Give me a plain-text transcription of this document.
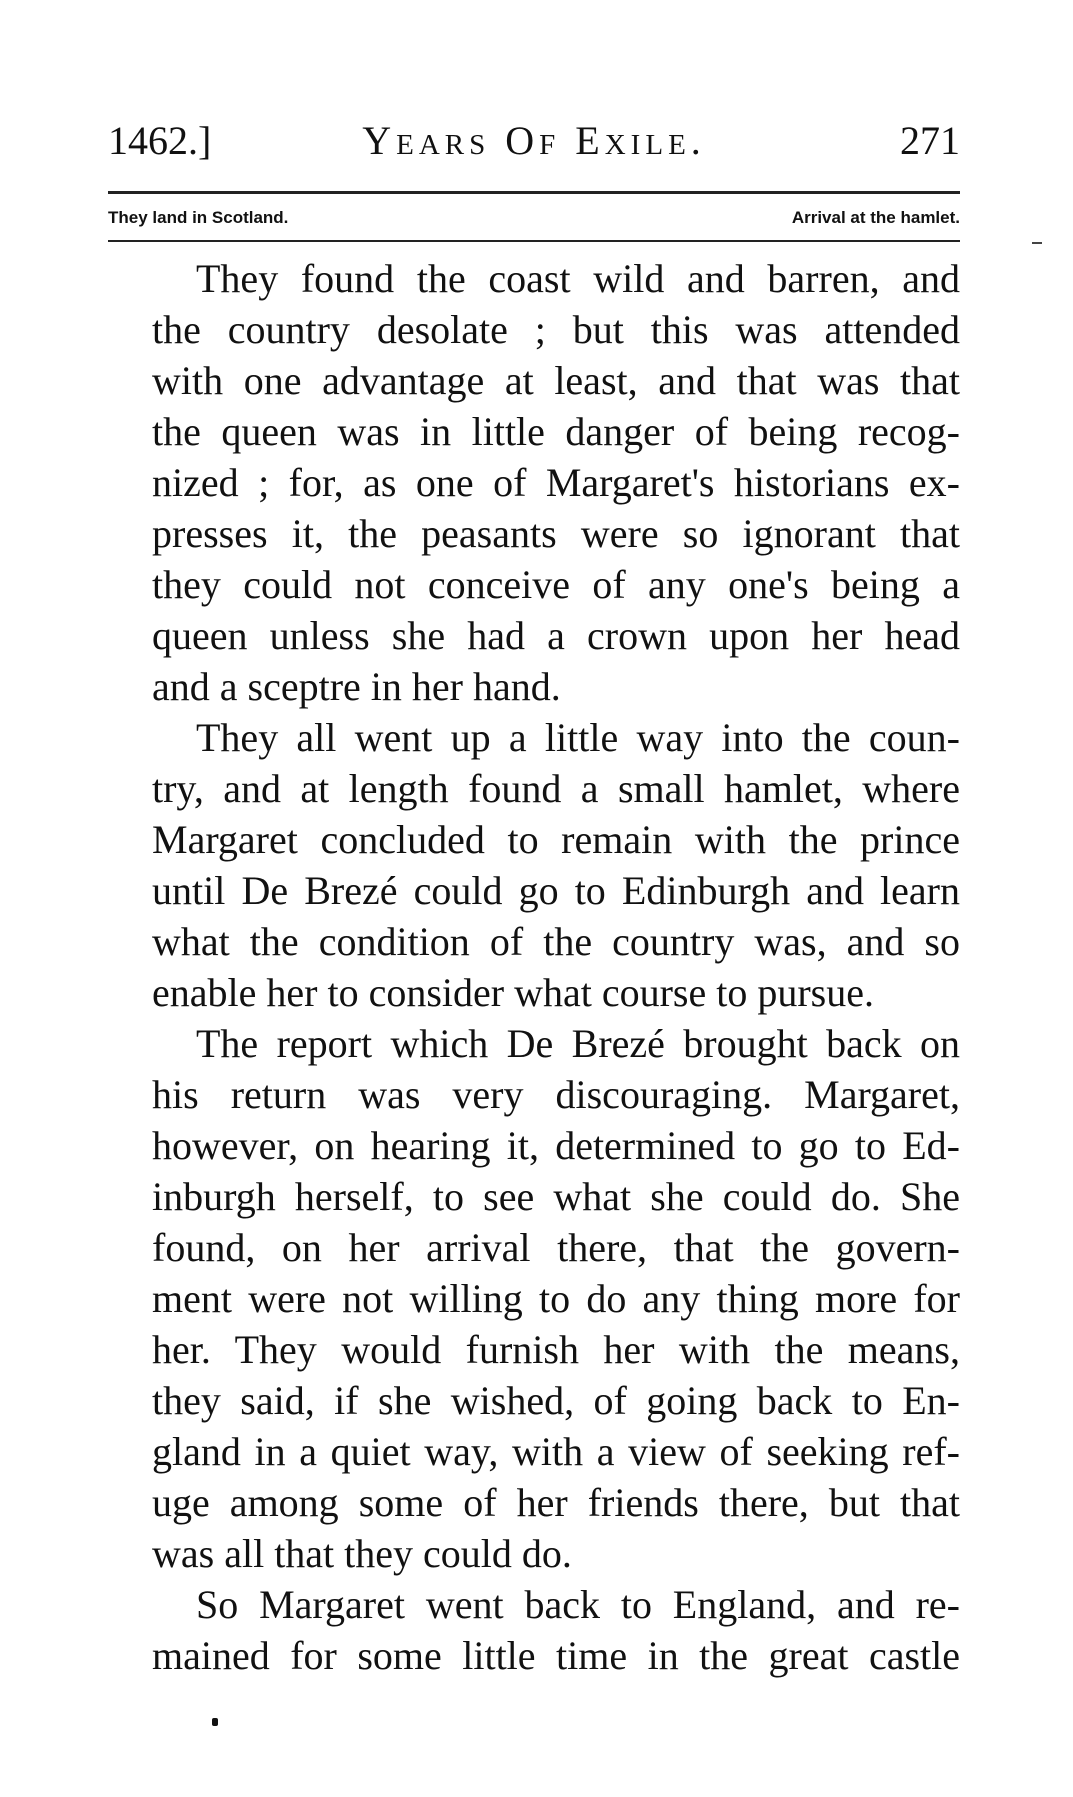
1462.]	YEARS OF EXILE.	271
They land in Scotland.	Arrival at the hamlet.

They found the coast wild and barren, and
the country desolate ; but this was attended
with one advantage at least, and that was that
the queen was in little danger of being recog-
nized ; for, as one of Margaret's historians ex-
presses it, the peasants were so ignorant that
they could not conceive of any one's being a
queen unless she had a crown upon her head
and a sceptre in her hand.

They all went up a little way into the coun-
try, and at length found a small hamlet, where
Margaret concluded to remain with the prince
until De Brezé could go to Edinburgh and learn
what the condition of the country was, and so
enable her to consider what course to pursue.

The report which De Brezé brought back on
his return was very discouraging. Margaret,
however, on hearing it, determined to go to Ed-
inburgh herself, to see what she could do. She
found, on her arrival there, that the govern-
ment were not willing to do any thing more for
her. They would furnish her with the means,
they said, if she wished, of going back to En-
gland in a quiet way, with a view of seeking ref-
uge among some of her friends there, but that
was all that they could do.

So Margaret went back to England, and re-
mained for some little time in the great castle
